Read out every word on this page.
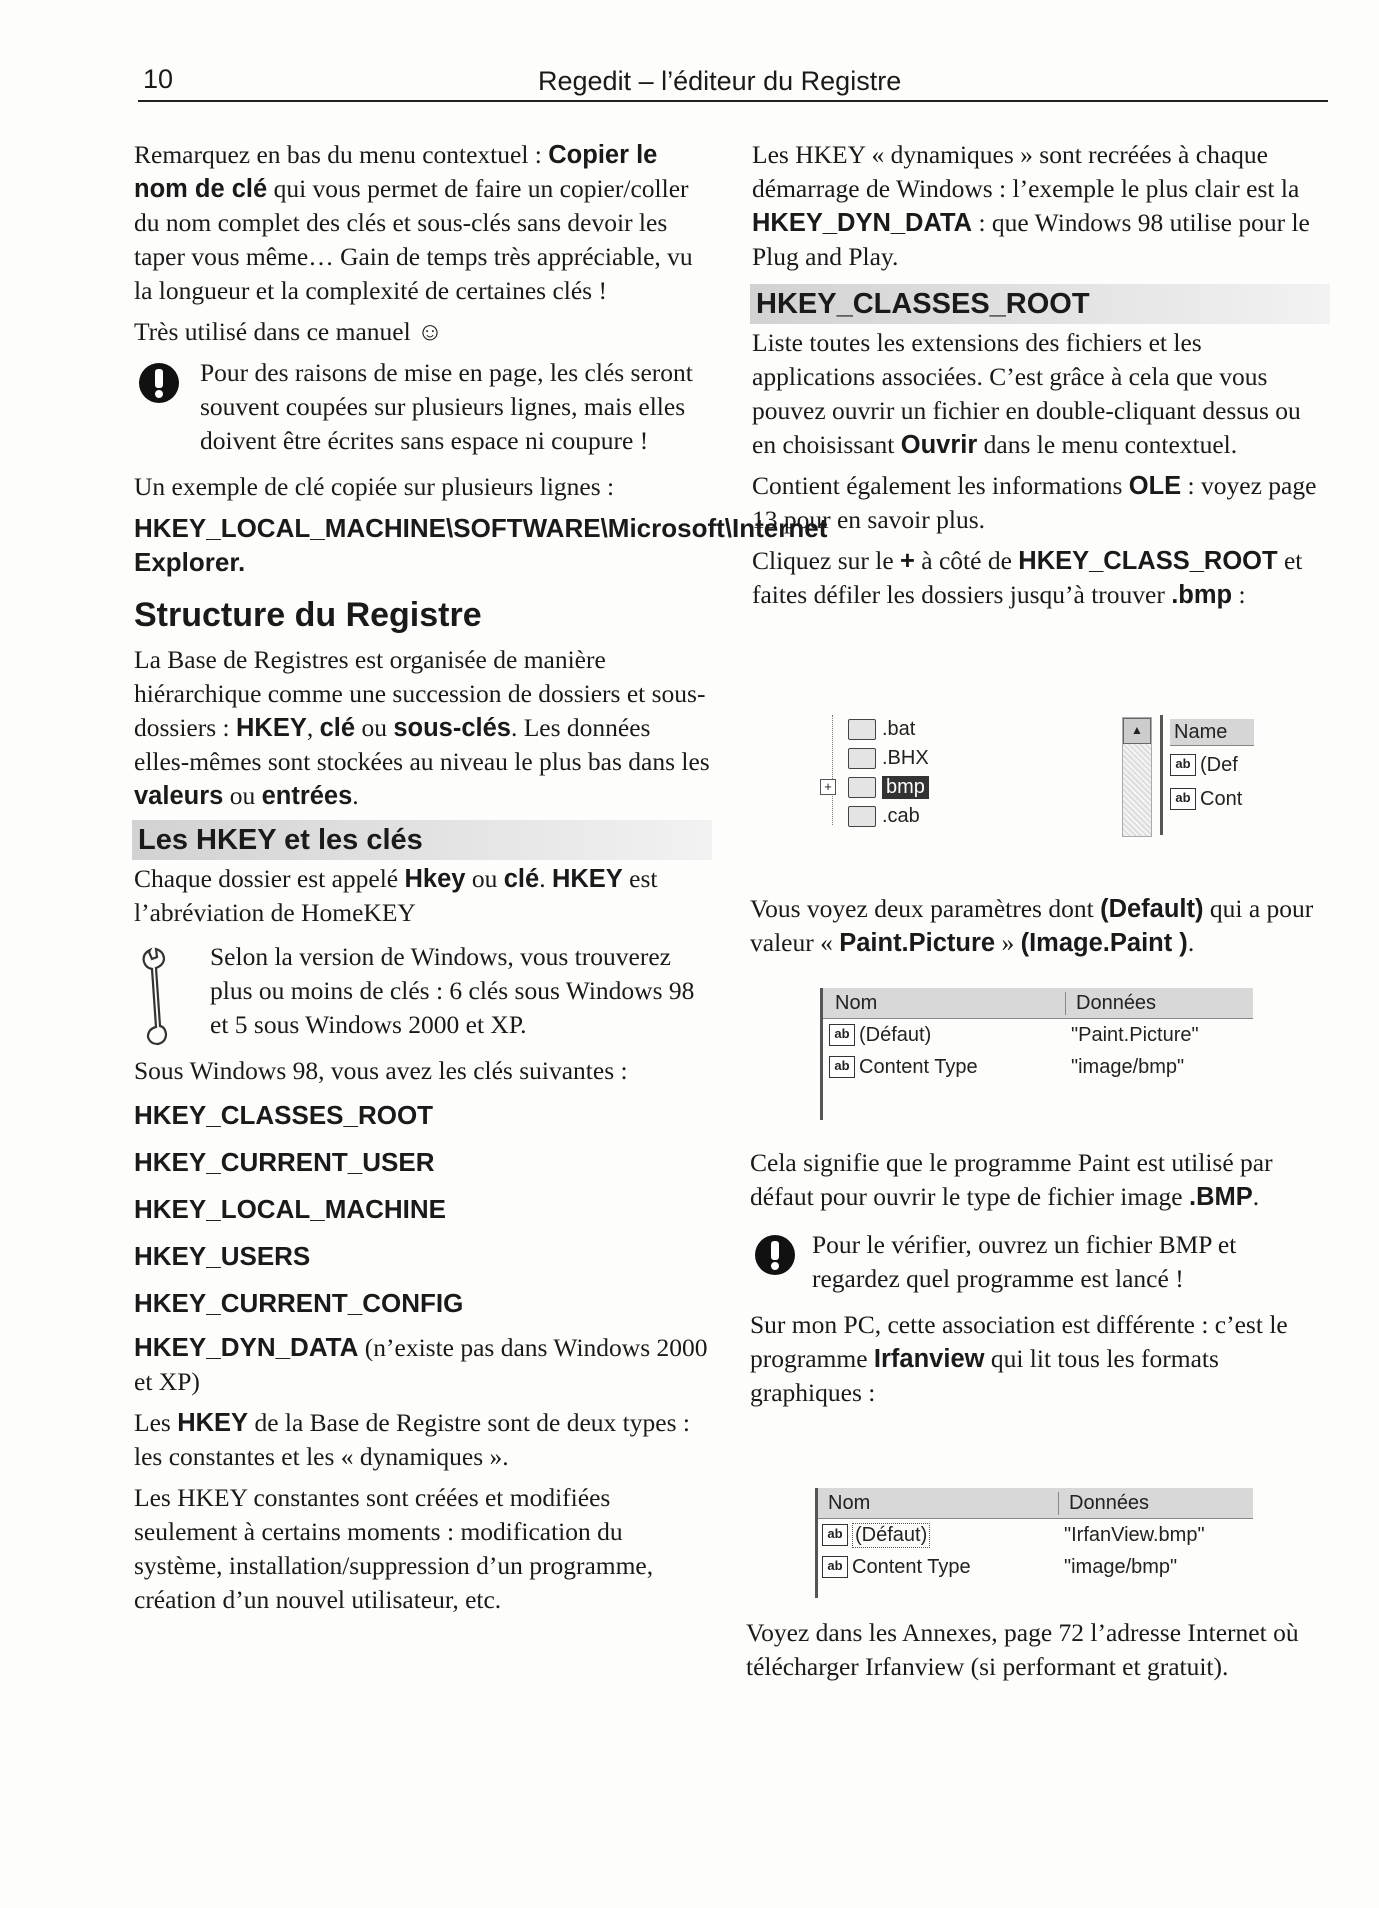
10	Regedit – l’éditeur du Registre

Remarquez en bas du menu contextuel : Copier le nom de clé qui vous permet de faire un copier/coller du nom complet des clés et sous-clés sans devoir les taper vous même… Gain de temps très appréciable, vu la longueur et la complexité de certaines clés !

Très utilisé dans ce manuel ☺

Pour des raisons de mise en page, les clés seront souvent coupées sur plusieurs lignes, mais elles doivent être écrites sans espace ni coupure !

Un exemple de clé copiée sur plusieurs lignes :

HKEY_LOCAL_MACHINE\SOFTWARE\Microsoft\Internet Explorer.

Structure du Registre

La Base de Registres est organisée de manière hiérarchique comme une succession de dossiers et sous-dossiers : HKEY, clé ou sous-clés. Les données elles-mêmes sont stockées au niveau le plus bas dans les valeurs ou entrées.

Les HKEY et les clés

Chaque dossier est appelé Hkey ou clé. HKEY est l’abréviation de HomeKEY

Selon la version de Windows, vous trouverez plus ou moins de clés : 6 clés sous Windows 98 et 5 sous Windows 2000 et XP.

Sous Windows 98, vous avez les clés suivantes :

HKEY_CLASSES_ROOT

HKEY_CURRENT_USER

HKEY_LOCAL_MACHINE

HKEY_USERS

HKEY_CURRENT_CONFIG

HKEY_DYN_DATA (n’existe pas dans Windows 2000 et XP)

Les HKEY de la Base de Registre sont de deux types : les constantes et les « dynamiques ».

Les HKEY constantes sont créées et modifiées seulement à certains moments : modification du système, installation/suppression d’un programme, création d’un nouvel utilisateur, etc.

Les HKEY « dynamiques » sont recréées à chaque démarrage de Windows : l’exemple le plus clair est la HKEY_DYN_DATA : que Windows 98 utilise pour le Plug and Play.

HKEY_CLASSES_ROOT

Liste toutes les extensions des fichiers et les applications associées. C’est grâce à cela que vous pouvez ouvrir un fichier en double-cliquant dessus ou en choisissant Ouvrir dans le menu contextuel.

Contient également les informations OLE : voyez page 13 pour en savoir plus.

Cliquez sur le + à côté de HKEY_CLASS_ROOT et faites défiler les dossiers jusqu’à trouver .bmp :

.bat
.BHX
+	bmp
.cab
▲	Name
ab (Def
ab Cont

Vous voyez deux paramètres dont (Default) qui a pour valeur « Paint.Picture » (Image.Paint ).

Nom	Données
ab (Défaut)	"Paint.Picture"
ab Content Type	"image/bmp"

Cela signifie que le programme Paint est utilisé par défaut pour ouvrir le type de fichier image .BMP.

Pour le vérifier, ouvrez un fichier BMP et regardez quel programme est lancé !

Sur mon PC, cette association est différente : c’est le programme Irfanview qui lit tous les formats graphiques :

Nom	Données
ab (Défaut)	"IrfanView.bmp"
ab Content Type	"image/bmp"

Voyez dans les Annexes, page 72 l’adresse Internet où télécharger Irfanview (si performant et gratuit).
